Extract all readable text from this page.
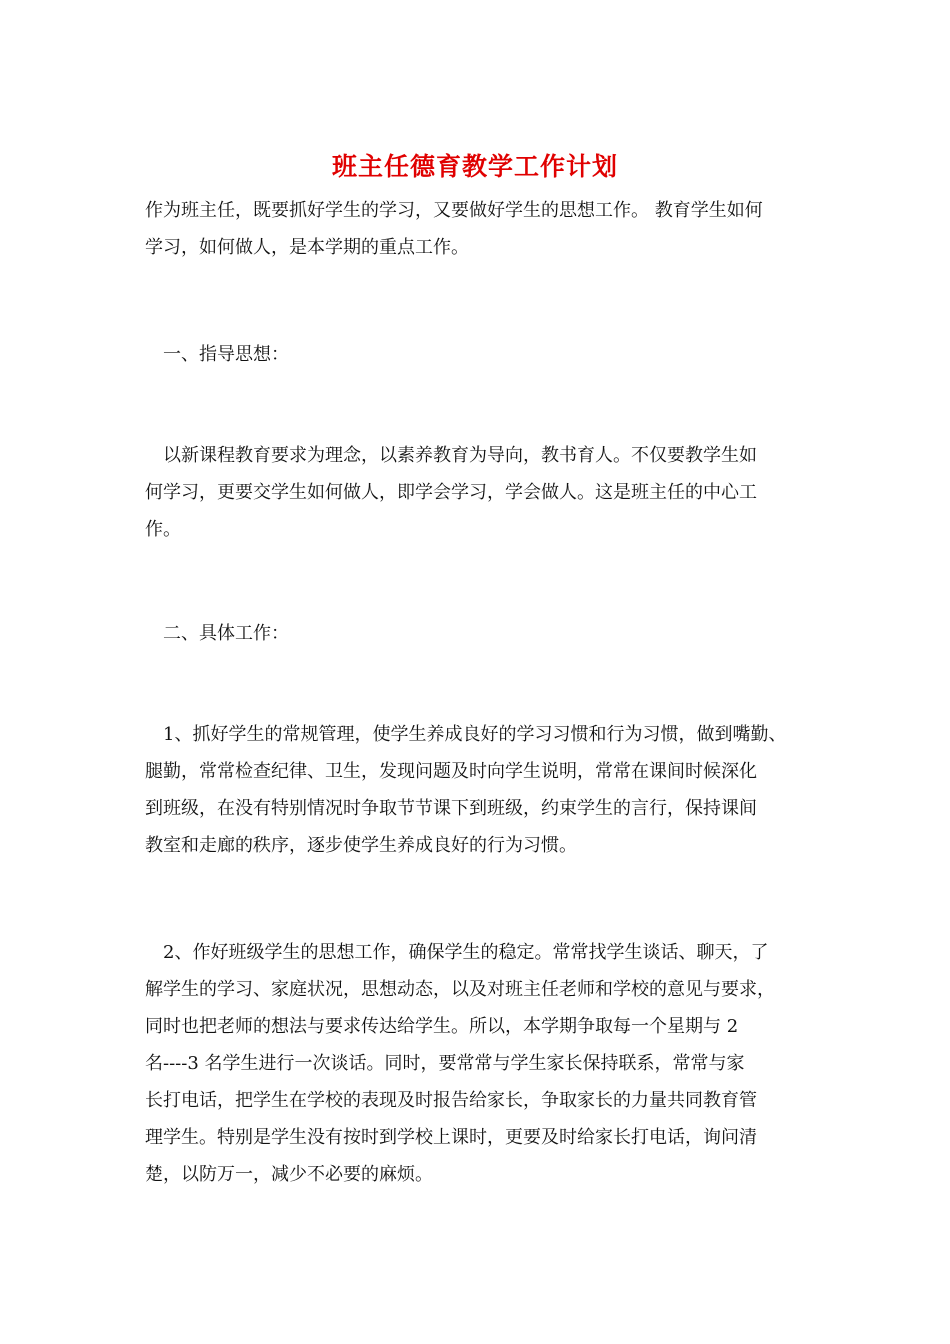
班主任德育教学工作计划
作为班主任，既要抓好学生的学习，又要做好学生的思想工作。 教育学生如何
学习，如何做人，是本学期的重点工作。
一、指导思想：
以新课程教育要求为理念，以素养教育为导向，教书育人。不仅要教学生如
何学习，更要交学生如何做人，即学会学习，学会做人。这是班主任的中心工
作。
二、具体工作：
1、抓好学生的常规管理，使学生养成良好的学习习惯和行为习惯，做到嘴勤、
腿勤，常常检查纪律、卫生，发现问题及时向学生说明，常常在课间时候深化
到班级，在没有特别情况时争取节节课下到班级，约束学生的言行，保持课间
教室和走廊的秩序，逐步使学生养成良好的行为习惯。
2、作好班级学生的思想工作，确保学生的稳定。常常找学生谈话、聊天，了
解学生的学习、家庭状况，思想动态，以及对班主任老师和学校的意见与要求，
同时也把老师的想法与要求传达给学生。所以，本学期争取每一个星期与 2
名----3 名学生进行一次谈话。同时，要常常与学生家长保持联系，常常与家
长打电话，把学生在学校的表现及时报告给家长，争取家长的力量共同教育管
理学生。特别是学生没有按时到学校上课时，更要及时给家长打电话，询问清
楚，以防万一，减少不必要的麻烦。
